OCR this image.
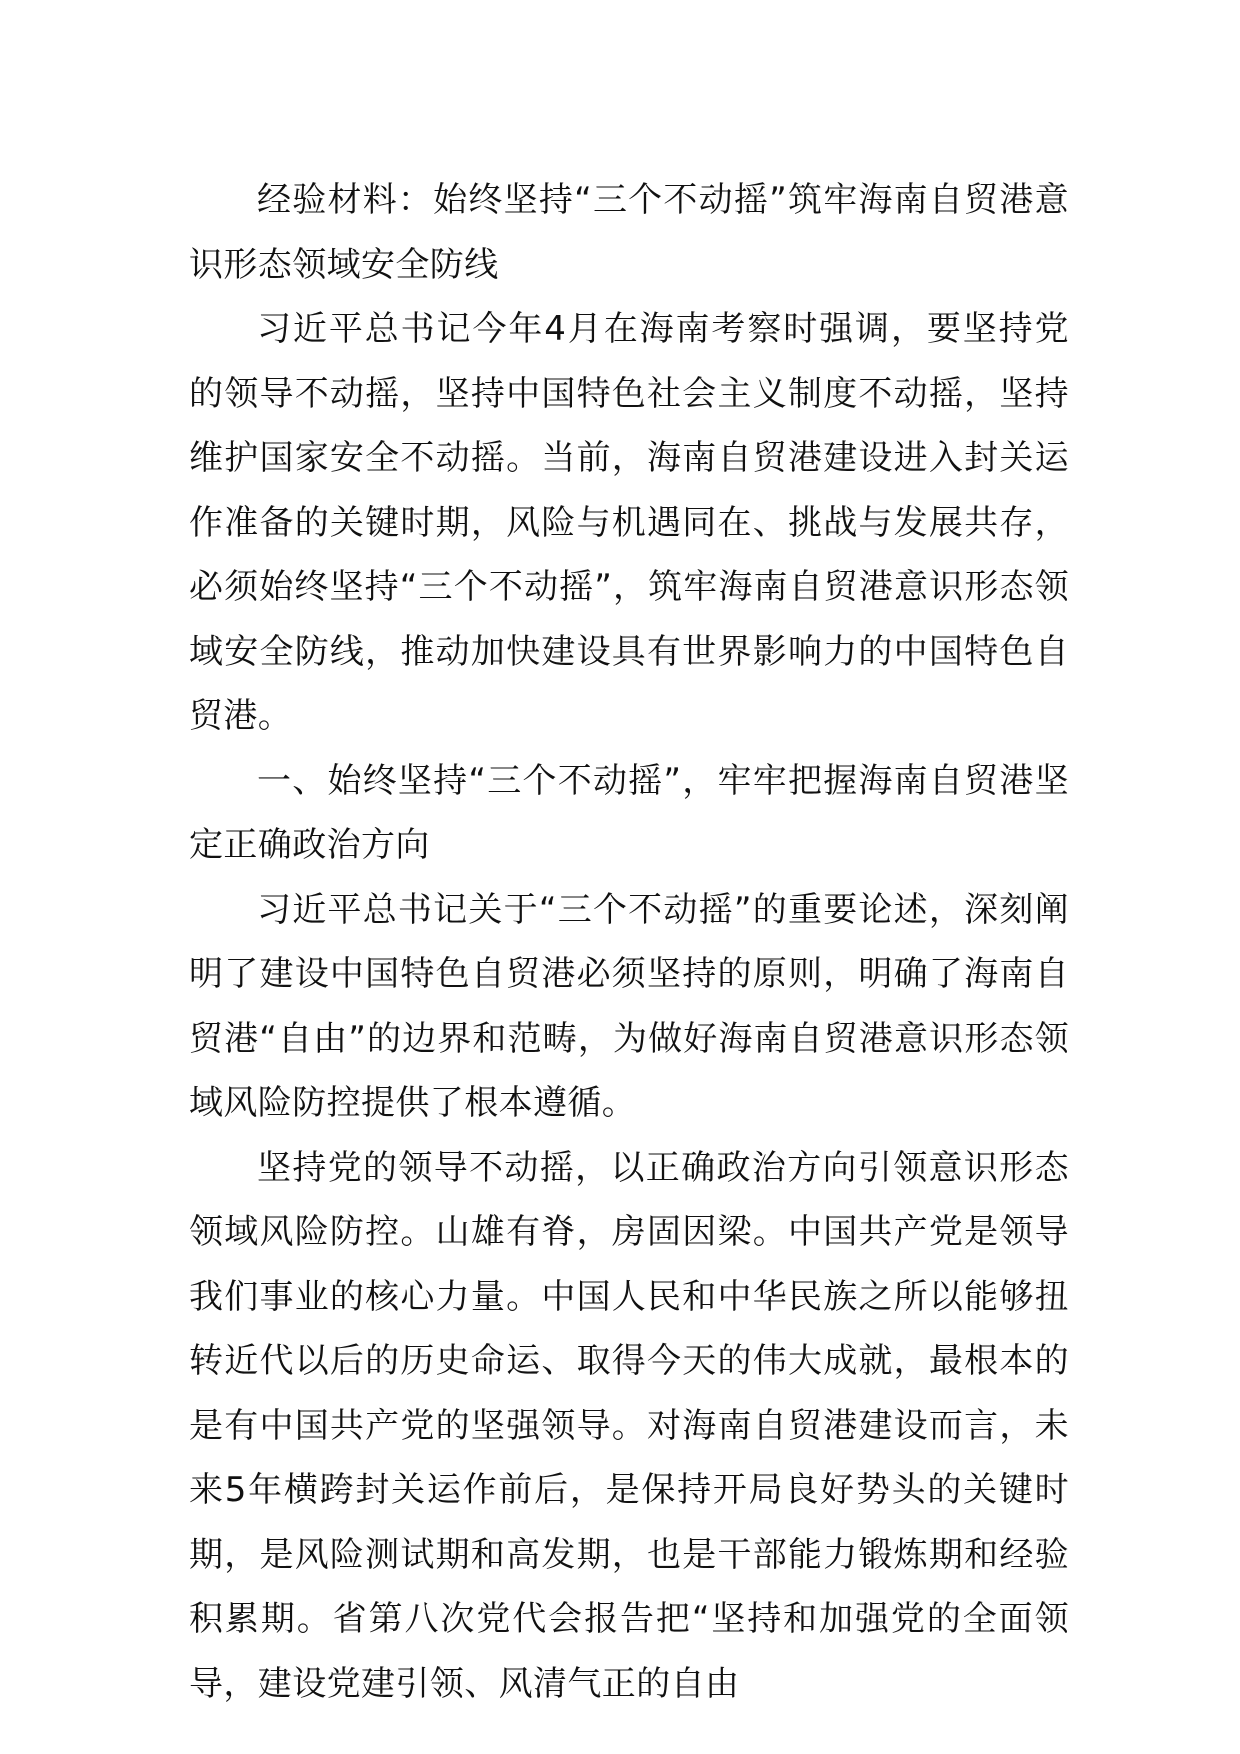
经验材料：始终坚持“三个不动摇”筑牢海南自贸港意识形态领域安全防线

习近平总书记今年4月在海南考察时强调，要坚持党的领导不动摇，坚持中国特色社会主义制度不动摇，坚持维护国家安全不动摇。当前，海南自贸港建设进入封关运作准备的关键时期，风险与机遇同在、挑战与发展共存，必须始终坚持“三个不动摇”，筑牢海南自贸港意识形态领域安全防线，推动加快建设具有世界影响力的中国特色自贸港。

一、始终坚持“三个不动摇”，牢牢把握海南自贸港坚定正确政治方向

习近平总书记关于“三个不动摇”的重要论述，深刻阐明了建设中国特色自贸港必须坚持的原则，明确了海南自贸港“自由”的边界和范畴，为做好海南自贸港意识形态领域风险防控提供了根本遵循。

坚持党的领导不动摇，以正确政治方向引领意识形态领域风险防控。山雄有脊，房固因梁。中国共产党是领导我们事业的核心力量。中国人民和中华民族之所以能够扭转近代以后的历史命运、取得今天的伟大成就，最根本的是有中国共产党的坚强领导。对海南自贸港建设而言，未来5年横跨封关运作前后，是保持开局良好势头的关键时期，是风险测试期和高发期，也是干部能力锻炼期和经验积累期。省第八次党代会报告把“坚持和加强党的全面领导，建设党建引领、风清气正的自由
